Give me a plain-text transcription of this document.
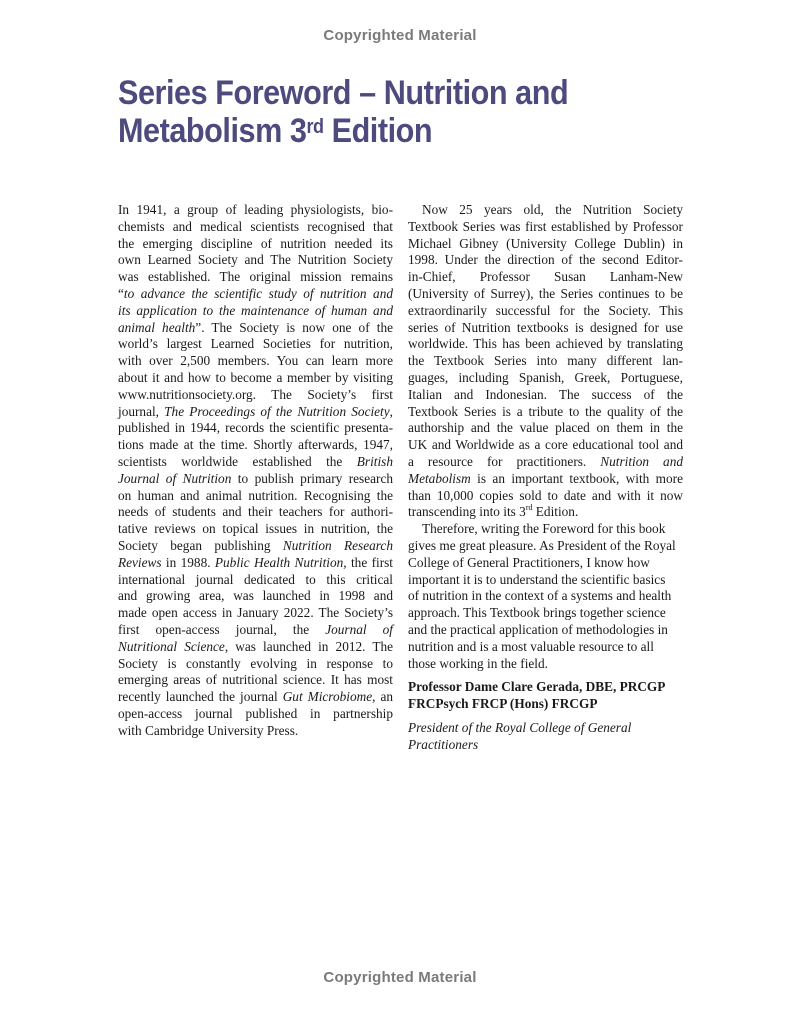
Copyrighted Material
Series Foreword – Nutrition and
Metabolism 3rd Edition
In 1941, a group of leading physiologists, bio-
chemists and medical scientists recognised that
the emerging discipline of nutrition needed its
own Learned Society and The Nutrition Society
was established. The original mission remains
“to advance the scientific study of nutrition and
its application to the maintenance of human and
animal health”. The Society is now one of the
world’s largest Learned Societies for nutrition,
with over 2,500 members. You can learn more
about it and how to become a member by visiting
www.nutritionsociety.org. The Society’s first
journal, The Proceedings of the Nutrition Society,
published in 1944, records the scientific presenta-
tions made at the time. Shortly afterwards, 1947,
scientists worldwide established the British
Journal of Nutrition to publish primary research
on human and animal nutrition. Recognising the
needs of students and their teachers for authori-
tative reviews on topical issues in nutrition, the
Society began publishing Nutrition Research
Reviews in 1988. Public Health Nutrition, the first
international journal dedicated to this critical
and growing area, was launched in 1998 and
made open access in January 2022. The Society’s
first open-access journal, the Journal of
Nutritional Science, was launched in 2012. The
Society is constantly evolving in response to
emerging areas of nutritional science. It has most
recently launched the journal Gut Microbiome, an
open-access journal published in partnership
with Cambridge University Press.
Now 25 years old, the Nutrition Society
Textbook Series was first established by Professor
Michael Gibney (University College Dublin) in
1998. Under the direction of the second Editor-
in-Chief, Professor Susan Lanham-New
(University of Surrey), the Series continues to be
extraordinarily successful for the Society. This
series of Nutrition textbooks is designed for use
worldwide. This has been achieved by translating
the Textbook Series into many different lan-
guages, including Spanish, Greek, Portuguese,
Italian and Indonesian. The success of the
Textbook Series is a tribute to the quality of the
authorship and the value placed on them in the
UK and Worldwide as a core educational tool and
a resource for practitioners. Nutrition and
Metabolism is an important textbook, with more
than 10,000 copies sold to date and with it now
transcending into its 3rd Edition.
Therefore, writing the Foreword for this book
gives me great pleasure. As President of the Royal
College of General Practitioners, I know how
important it is to understand the scientific basics
of nutrition in the context of a systems and health
approach. This Textbook brings together science
and the practical application of methodologies in
nutrition and is a most valuable resource to all
those working in the field.
Professor Dame Clare Gerada, DBE, PRCGP
FRCPsych FRCP (Hons) FRCGP
President of the Royal College of General
Practitioners
Copyrighted Material
